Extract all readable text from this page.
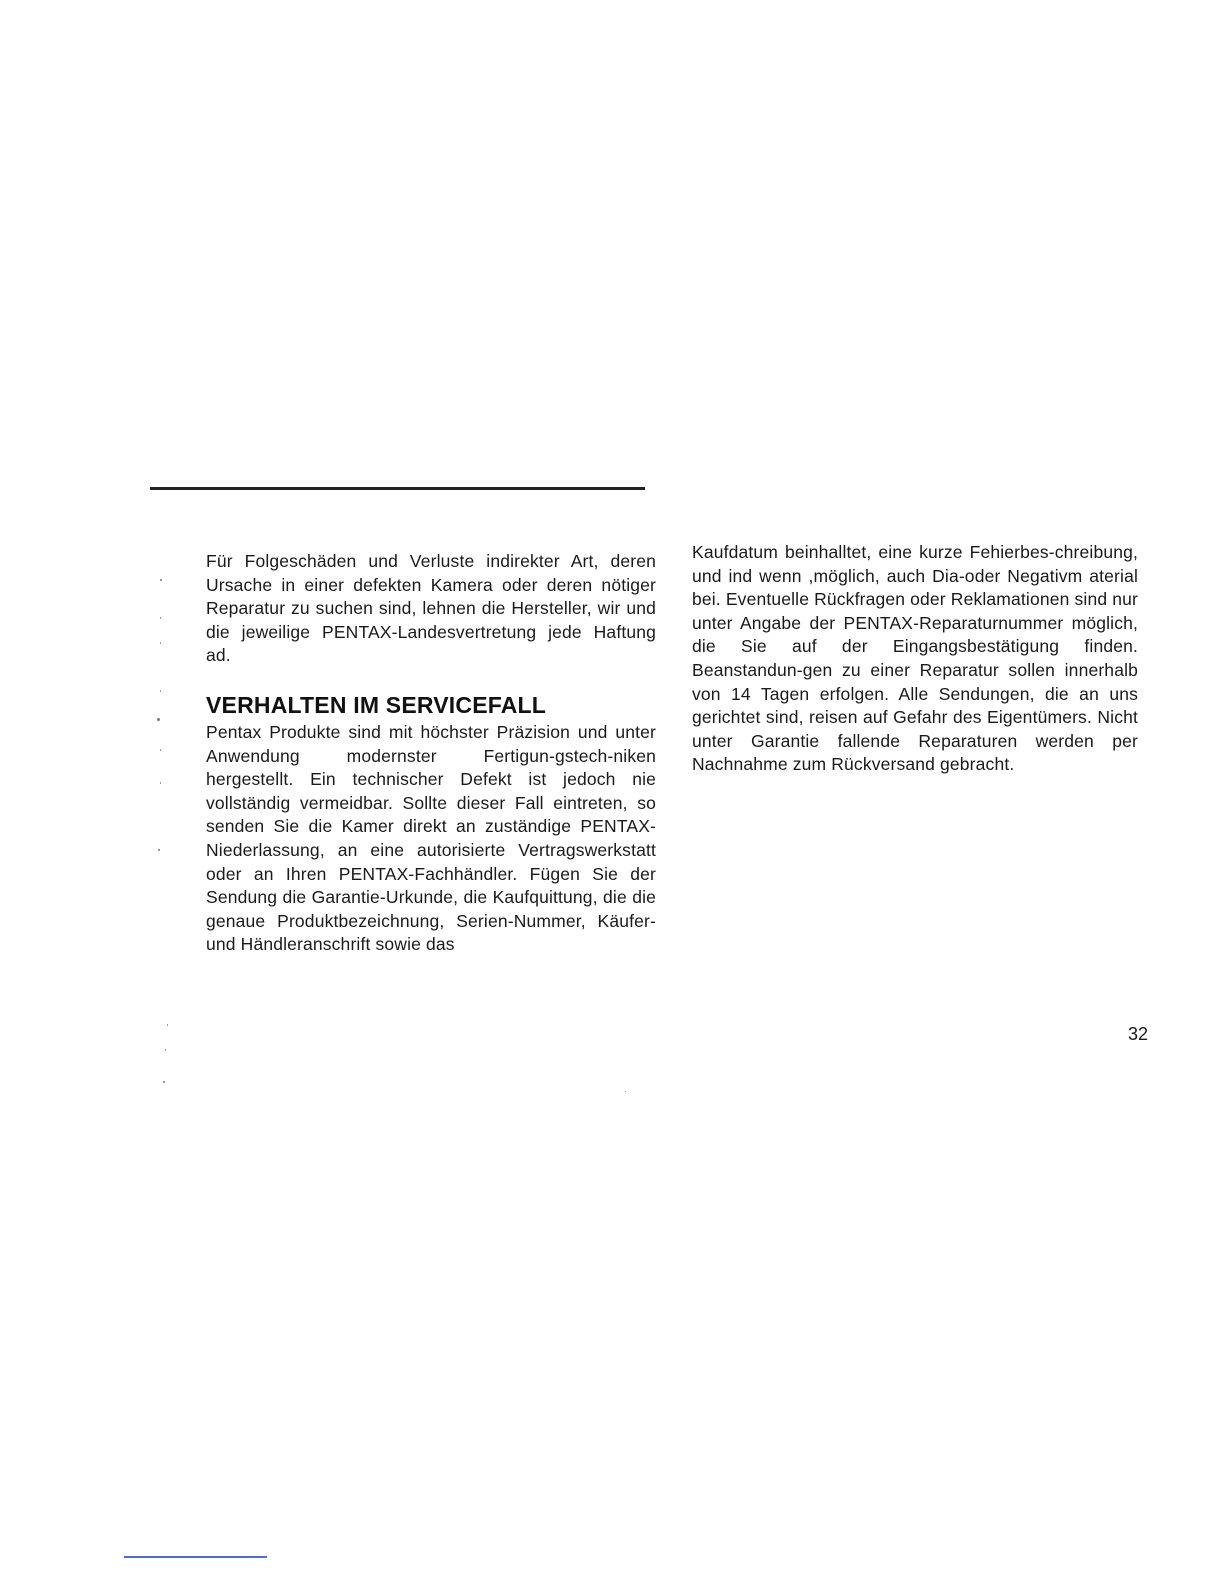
Für Folgeschäden und Verluste indirekter Art, deren Ursache in einer defekten Kamera oder deren nötiger Reparatur zu suchen sind, lehnen die Hersteller, wir und die jeweilige PENTAX-Landesvertretung jede Haftung ad.

VERHALTEN IM SERVICEFALL

Pentax Produkte sind mit höchster Präzision und unter Anwendung modernster Fertigun-gstech-niken hergestellt. Ein technischer Defekt ist jedoch nie vollständig vermeidbar. Sollte dieser Fall eintreten, so senden Sie die Kamer direkt an zuständige PENTAX-Niederlassung, an eine autorisierte Vertragswerkstatt oder an Ihren PENTAX-Fachhändler. Fügen Sie der Sendung die Garantie-Urkunde, die Kaufquittung, die die genaue Produktbezeichnung, Serien-Nummer, Käufer-und Händleranschrift sowie das

Kaufdatum beinhalltet, eine kurze Fehierbes-chreibung, und ind wenn ,möglich, auch Dia-oder Negativm aterial bei. Eventuelle Rückfragen oder Reklamationen sind nur unter Angabe der PENTAX-Reparaturnummer möglich, die Sie auf der Eingangsbestätigung finden. Beanstandun-gen zu einer Reparatur sollen innerhalb von 14 Tagen erfolgen. Alle Sendungen, die an uns gerichtet sind, reisen auf Gefahr des Eigentümers. Nicht unter Garantie fallende Reparaturen werden per Nachnahme zum Rückversand gebracht.

32
